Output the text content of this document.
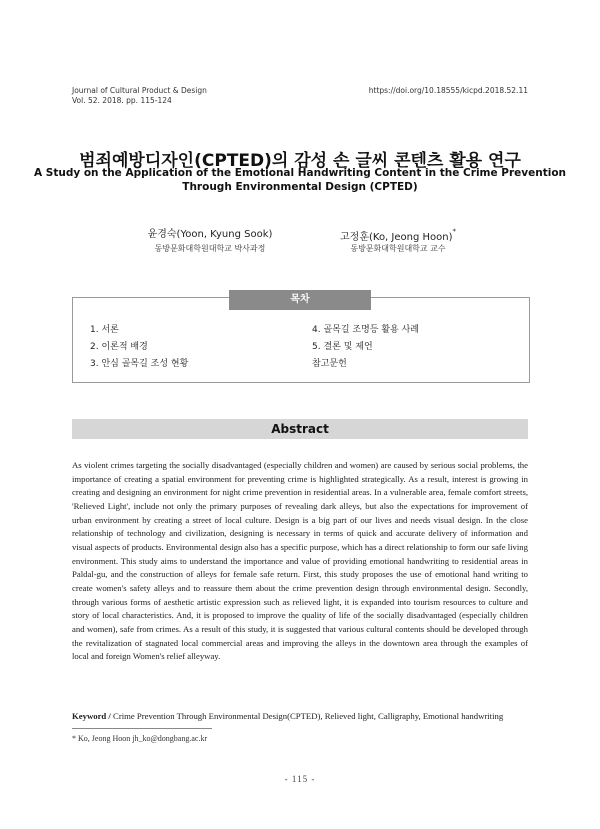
Journal of Cultural Product & Design
Vol. 52. 2018. pp. 115-124
https://doi.org/10.18555/kicpd.2018.52.11
범죄예방디자인(CPTED)의 감성 손 글씨 콘텐츠 활용 연구
A Study on the Application of the Emotional Handwriting Content in the Crime Prevention
Through Environmental Design (CPTED)
윤경숙(Yoon, Kyung Sook)
동방문화대학원대학교 박사과정
고정훈(Ko, Jeong Hoon)*
동방문화대학원대학교 교수
목차
1. 서론
2. 이론적 배경
3. 안심 골목길 조성 현황
4. 골목길 조명등 활용 사례
5. 결론 및 제언
참고문헌
Abstract
As violent crimes targeting the socially disadvantaged (especially children and women) are caused by serious social problems, the importance of creating a spatial environment for preventing crime is highlighted strategically. As a result, interest is growing in creating and designing an environment for night crime prevention in residential areas. In a vulnerable area, female comfort streets, 'Relieved Light', include not only the primary purposes of revealing dark alleys, but also the expectations for improvement of urban environment by creating a street of local culture. Design is a big part of our lives and needs visual design. In the close relationship of technology and civilization, designing is necessary in terms of quick and accurate delivery of information and visual aspects of products. Environmental design also has a specific purpose, which has a direct relationship to form our safe living environment. This study aims to understand the importance and value of providing emotional handwriting to residential areas in Paldal-gu, and the construction of alleys for female safe return. First, this study proposes the use of emotional hand writing to create women's safety alleys and to reassure them about the crime prevention design through environmental design. Secondly, through various forms of aesthetic artistic expression such as relieved light, it is expanded into tourism resources to culture and story of local characteristics. And, it is proposed to improve the quality of life of the socially disadvantaged (especially children and women), safe from crimes. As a result of this study, it is suggested that various cultural contents should be developed through the revitalization of stagnated local commercial areas and improving the alleys in the downtown area through the examples of local and foreign Women's relief alleyway.
Keyword / Crime Prevention Through Environmental Design(CPTED), Relieved light, Calligraphy, Emotional handwriting
* Ko, Jeong Hoon jh_ko@dongbang.ac.kr
- 115 -
